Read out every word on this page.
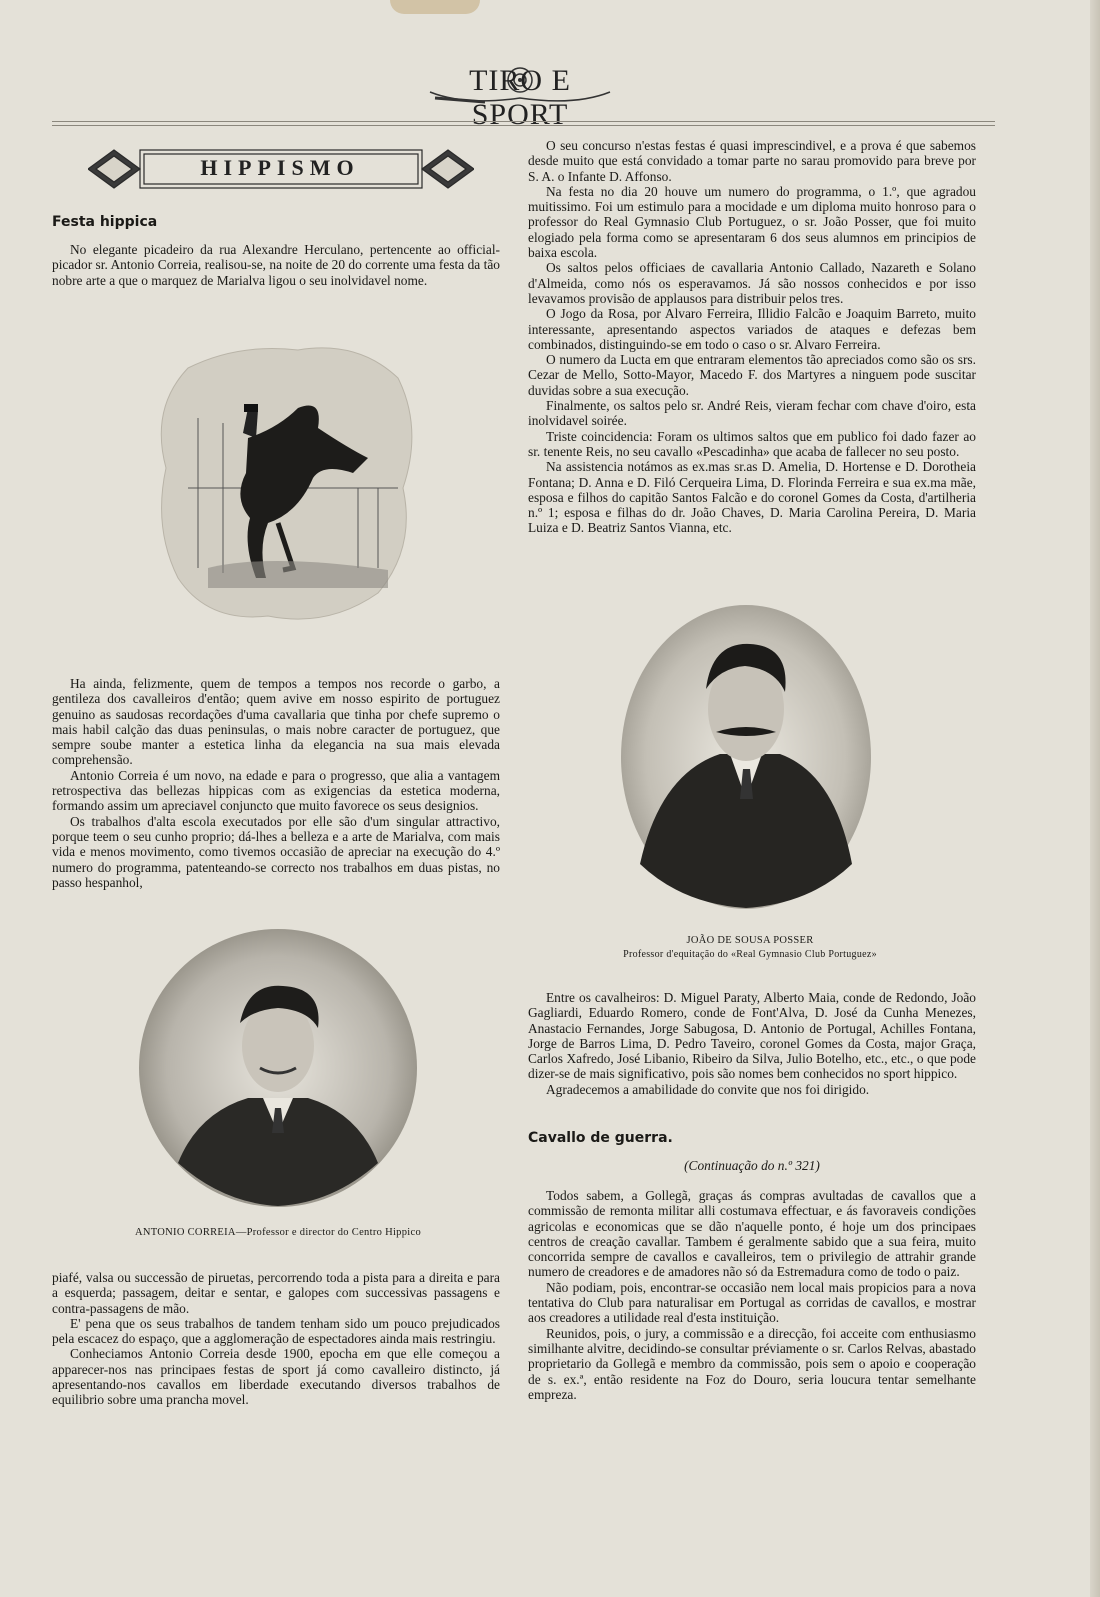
TIRO E SPORT
HIPPISMO
Festa hippica

No elegante picadeiro da rua Alexandre Herculano, pertencente ao official-picador sr. Antonio Correia, realisou-se, na noite de 20 do corrente uma festa da tão nobre arte a que o marquez de Marialva ligou o seu inolvidavel nome.

Ha ainda, felizmente, quem de tempos a tempos nos recorde o garbo, a gentileza dos cavalleiros d'então; quem avive em nosso espirito de portuguez genuino as saudosas recordações d'uma cavallaria que tinha por chefe supremo o mais habil calção das duas peninsulas, o mais nobre caracter de portuguez, que sempre soube manter a estetica linha da elegancia na sua mais elevada comprehensão.

Antonio Correia é um novo, na edade e para o progresso, que alia a vantagem retrospectiva das bellezas hippicas com as exigencias da estetica moderna, formando assim um apreciavel conjuncto que muito favorece os seus designios.

Os trabalhos d'alta escola executados por elle são d'um singular attractivo, porque teem o seu cunho proprio; dá-lhes a belleza e a arte de Marialva, com mais vida e menos movimento, como tivemos occasião de apreciar na execução do 4.º numero do programma, patenteando-se correcto nos trabalhos em duas pistas, no passo hespanhol,

ANTONIO CORREIA—Professor e director do Centro Hippico

piafé, valsa ou successão de piruetas, percorrendo toda a pista para a direita e para a esquerda; passagem, deitar e sentar, e galopes com successivas passagens e contra-passagens de mão.

E' pena que os seus trabalhos de tandem tenham sido um pouco prejudicados pela escacez do espaço, que a agglomeração de espectadores ainda mais restringiu.

Conheciamos Antonio Correia desde 1900, epocha em que elle começou a apparecer-nos nas principaes festas de sport já como cavalleiro distincto, já apresentando-nos cavallos em liberdade executando diversos trabalhos de equilibrio sobre uma prancha movel.

O seu concurso n'estas festas é quasi imprescindivel, e a prova é que sabemos desde muito que está convidado a tomar parte no sarau promovido para breve por S. A. o Infante D. Affonso.

Na festa no dia 20 houve um numero do programma, o 1.º, que agradou muitissimo. Foi um estimulo para a mocidade e um diploma muito honroso para o professor do Real Gymnasio Club Portuguez, o sr. João Posser, que foi muito elogiado pela forma como se apresentaram 6 dos seus alumnos em principios de baixa escola.

Os saltos pelos officiaes de cavallaria Antonio Callado, Nazareth e Solano d'Almeida, como nós os esperavamos. Já são nossos conhecidos e por isso levavamos provisão de applausos para distribuir pelos tres.

O Jogo da Rosa, por Alvaro Ferreira, Illidio Falcão e Joaquim Barreto, muito interessante, apresentando aspectos variados de ataques e defezas bem combinados, distinguindo-se em todo o caso o sr. Alvaro Ferreira.

O numero da Lucta em que entraram elementos tão apreciados como são os srs. Cezar de Mello, Sotto-Mayor, Macedo F. dos Martyres a ninguem pode suscitar duvidas sobre a sua execução.

Finalmente, os saltos pelo sr. André Reis, vieram fechar com chave d'oiro, esta inolvidavel soirée.

Triste coincidencia: Foram os ultimos saltos que em publico foi dado fazer ao sr. tenente Reis, no seu cavallo «Pescadinha» que acaba de fallecer no seu posto.

Na assistencia notámos as ex.mas sr.as D. Amelia, D. Hortense e D. Dorotheia Fontana; D. Anna e D. Filó Cerqueira Lima, D. Florinda Ferreira e sua ex.ma mãe, esposa e filhos do capitão Santos Falcão e do coronel Gomes da Costa, d'artilheria n.º 1; esposa e filhas do dr. João Chaves, D. Maria Carolina Pereira, D. Maria Luiza e D. Beatriz Santos Vianna, etc.

JOÃO DE SOUSA POSSER
Professor d'equitação do «Real Gymnasio Club Portuguez»

Entre os cavalheiros: D. Miguel Paraty, Alberto Maia, conde de Redondo, João Gagliardi, Eduardo Romero, conde de Font'Alva, D. José da Cunha Menezes, Anastacio Fernandes, Jorge Sabugosa, D. Antonio de Portugal, Achilles Fontana, Jorge de Barros Lima, D. Pedro Taveiro, coronel Gomes da Costa, major Graça, Carlos Xafredo, José Libanio, Ribeiro da Silva, Julio Botelho, etc., etc., o que pode dizer-se de mais significativo, pois são nomes bem conhecidos no sport hippico.

Agradecemos a amabilidade do convite que nos foi dirigido.

Cavallo de guerra.
(Continuação do n.º 321)

Todos sabem, a Gollegã, graças ás compras avultadas de cavallos que a commissão de remonta militar alli costumava effectuar, e ás favoraveis condições agricolas e economicas que se dão n'aquelle ponto, é hoje um dos principaes centros de creação cavallar. Tambem é geralmente sabido que a sua feira, muito concorrida sempre de cavallos e cavalleiros, tem o privilegio de attrahir grande numero de creadores e de amadores não só da Estremadura como de todo o paiz.

Não podiam, pois, encontrar-se occasião nem local mais propicios para a nova tentativa do Club para naturalisar em Portugal as corridas de cavallos, e mostrar aos creadores a utilidade real d'esta instituição.

Reunidos, pois, o jury, a commissão e a direcção, foi acceite com enthusiasmo similhante alvitre, decidindo-se consultar préviamente o sr. Carlos Relvas, abastado proprietario da Gollegã e membro da commissão, pois sem o apoio e cooperação de s. ex.ª, então residente na Foz do Douro, seria loucura tentar semelhante empreza.
